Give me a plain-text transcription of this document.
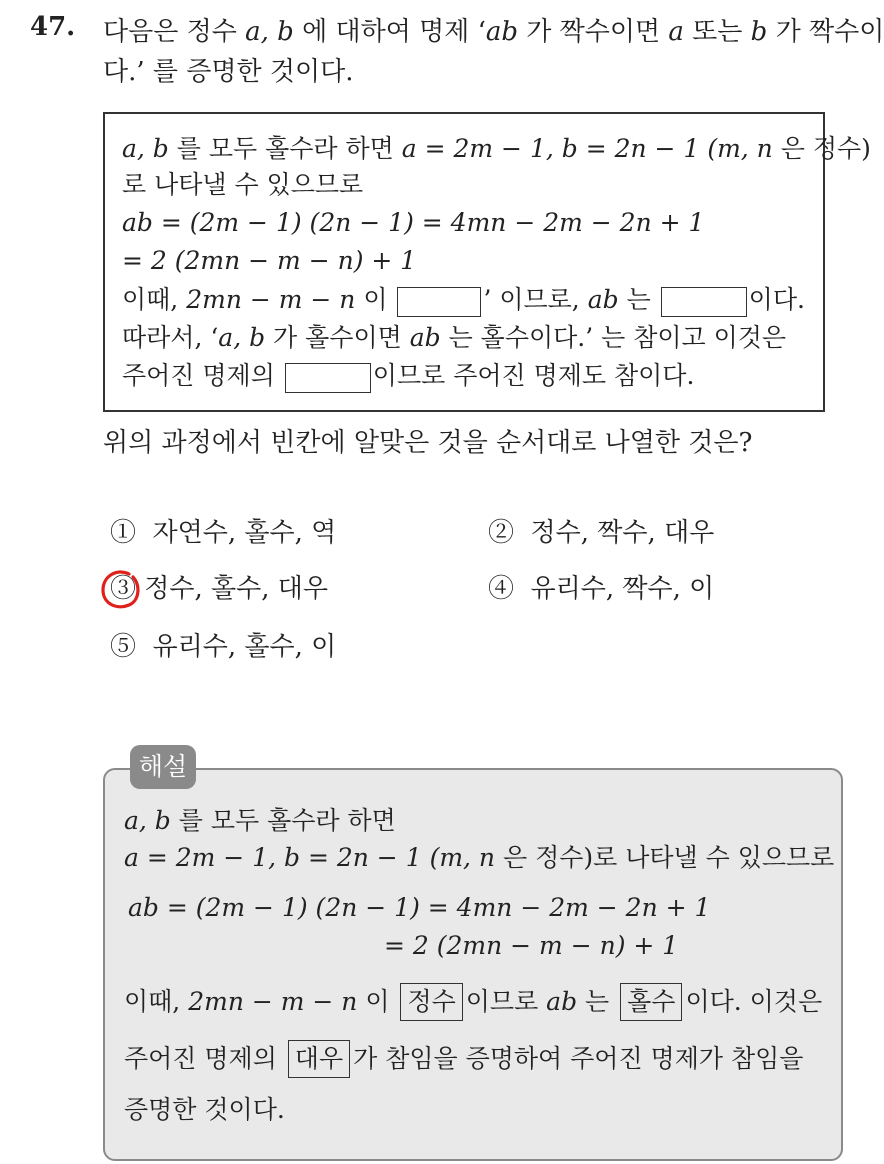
47. 다음은 정수 a, b 에 대하여 명제 ‘ab 가 짝수이면 a 또는 b 가 짝수이
다.’ 를 증명한 것이다.
a, b 를 모두 홀수라 하면 a = 2m − 1, b = 2n − 1 (m, n 은 정수)
로 나타낼 수 있으므로
ab = (2m − 1) (2n − 1) = 4mn − 2m − 2n + 1
= 2 (2mn − m − n) + 1
이때, 2mn − m − n 이	’ 이므로, ab 는	이다.
따라서, ‘a, b 가 홀수이면 ab 는 홀수이다.’ 는 참이고 이것은
주어진 명제의	이므로 주어진 명제도 참이다.
위의 과정에서 빈칸에 알맞은 것을 순서대로 나열한 것은?
① 자연수, 홀수, 역	② 정수, 짝수, 대우
③ 정수, 홀수, 대우	④ 유리수, 짝수, 이
⑤ 유리수, 홀수, 이
해설
a, b 를 모두 홀수라 하면
a = 2m − 1, b = 2n − 1 (m, n 은 정수)로 나타낼 수 있으므로
ab = (2m − 1) (2n − 1) = 4mn − 2m − 2n + 1
= 2 (2mn − m − n) + 1
이때, 2mn − m − n 이 정수 이므로 ab 는 홀수 이다. 이것은
주어진 명제의 대우 가 참임을 증명하여 주어진 명제가 참임을
증명한 것이다.
